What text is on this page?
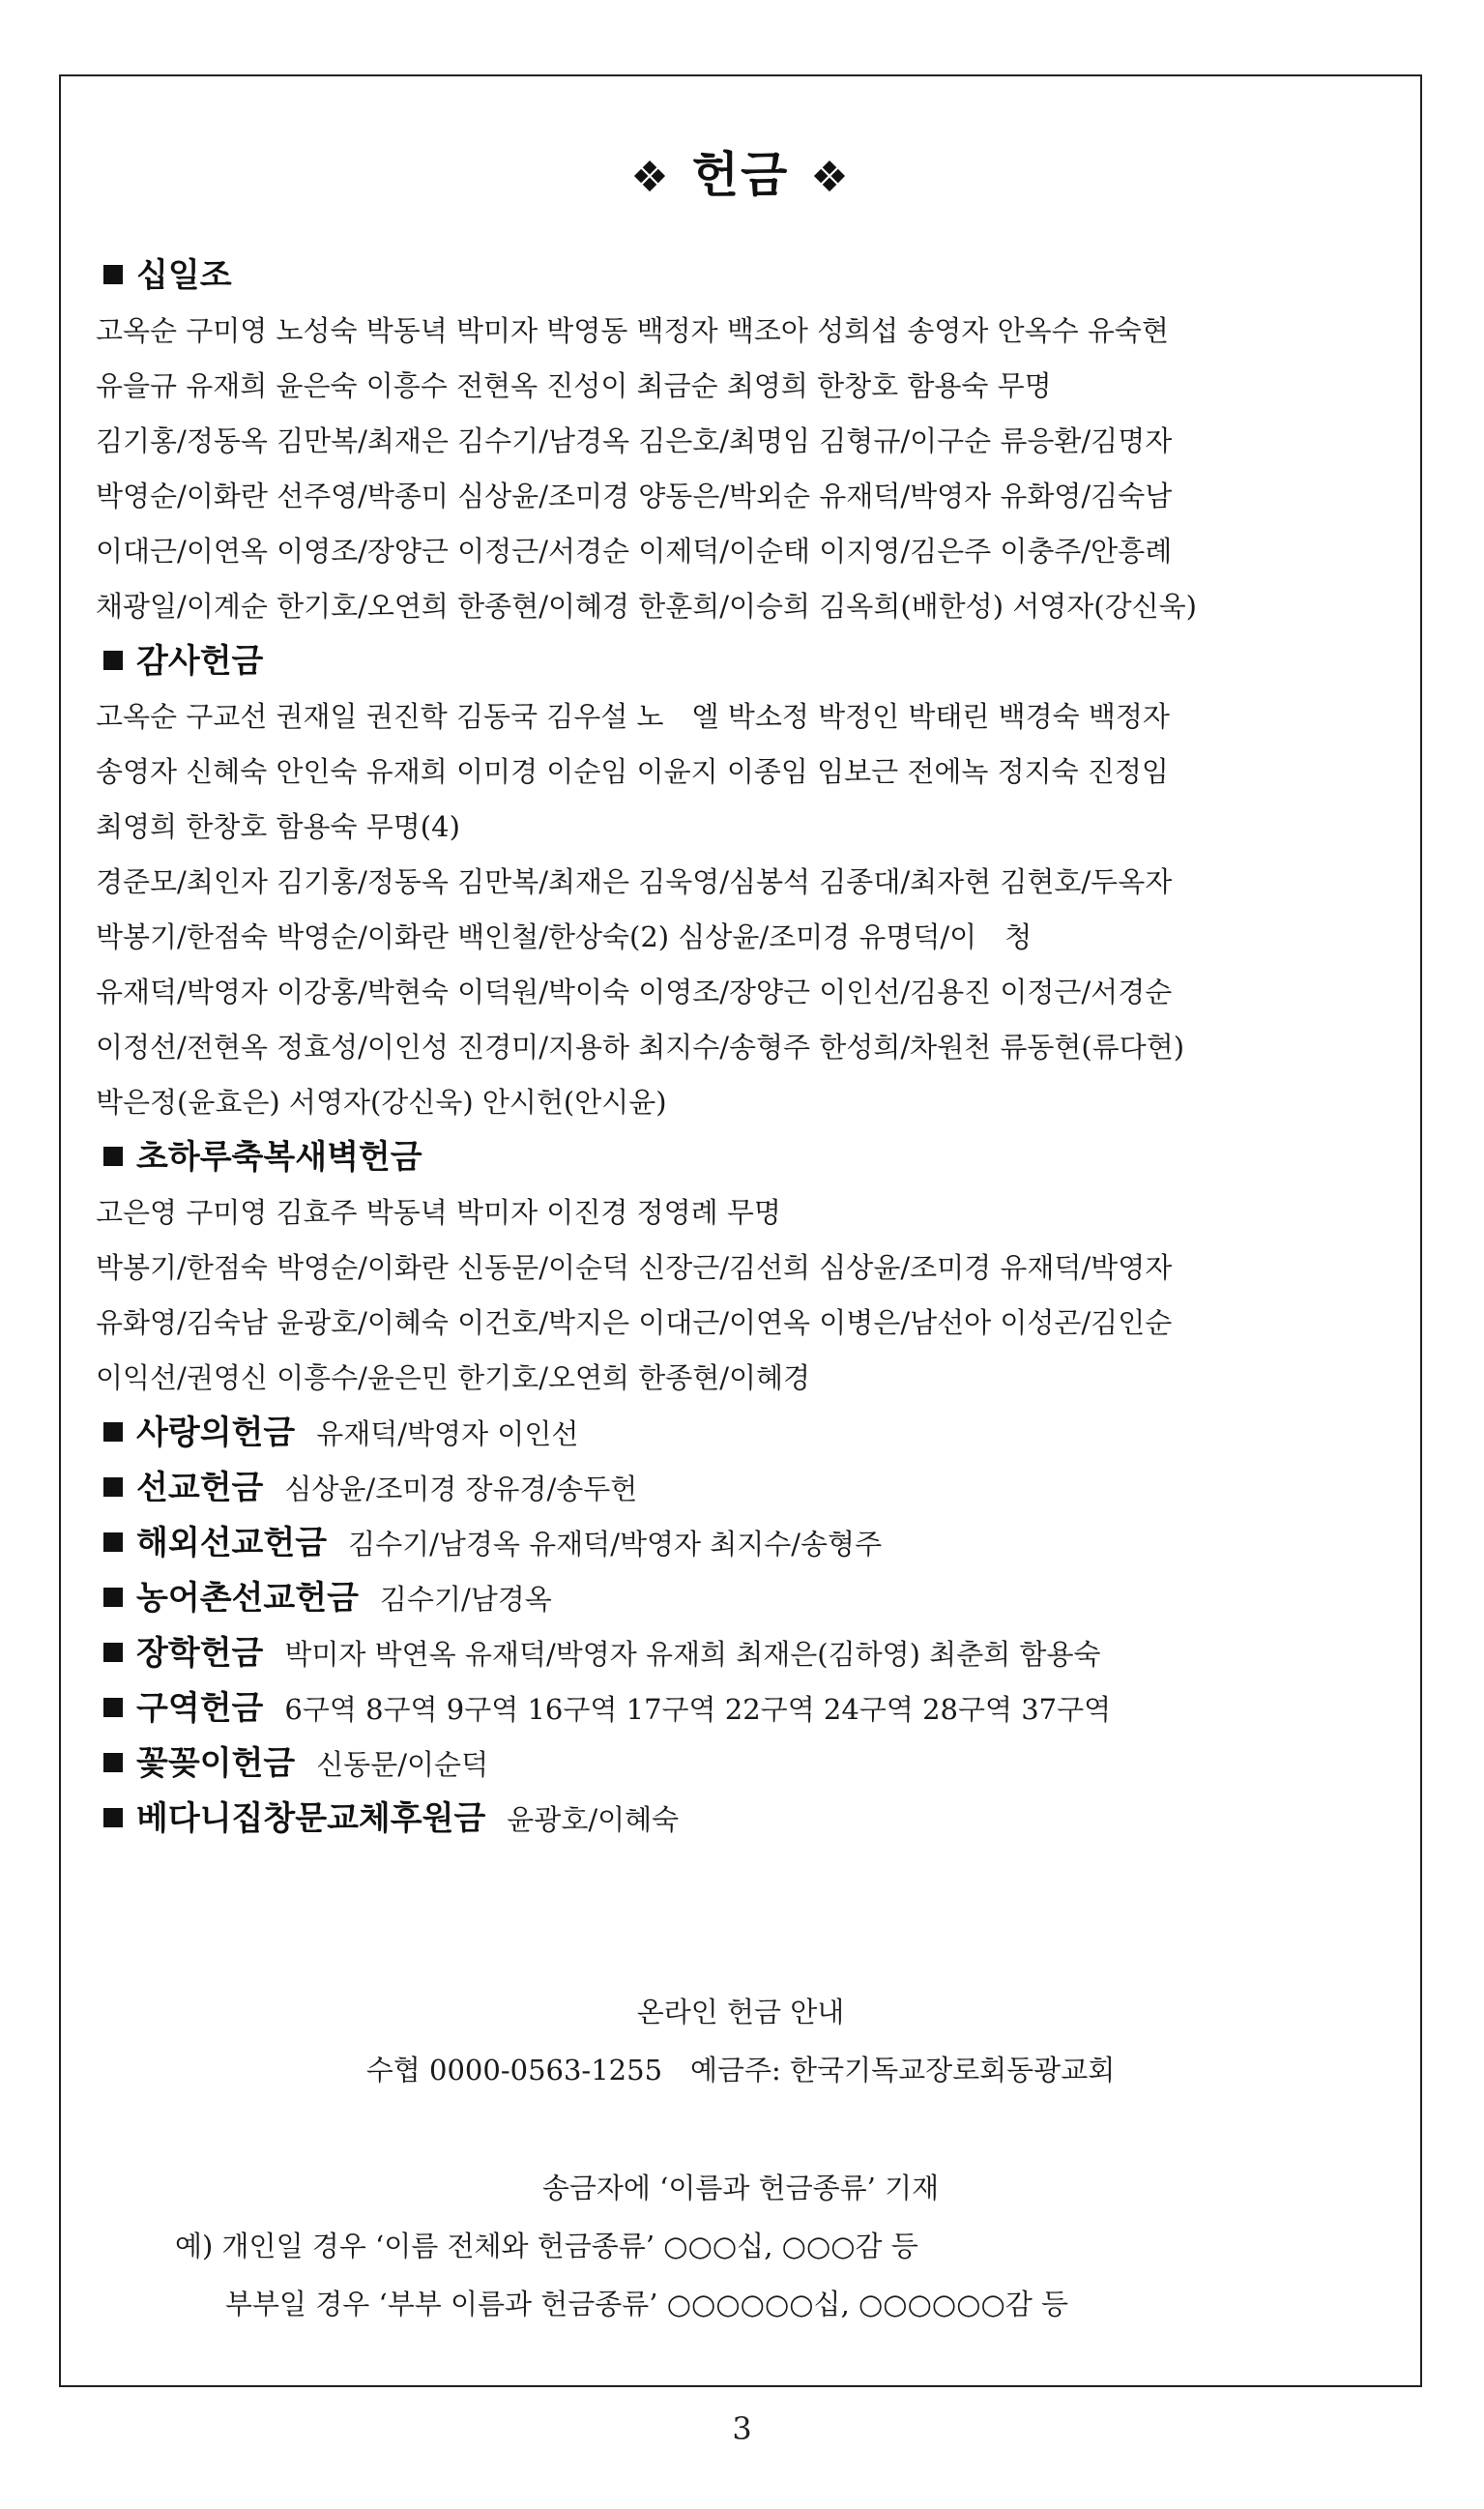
❖ 헌금 ❖
십일조
고옥순 구미영 노성숙 박동녁 박미자 박영동 백정자 백조아 성희섭 송영자 안옥수 유숙현
유을규 유재희 윤은숙 이흥수 전현옥 진성이 최금순 최영희 한창호 함용숙 무명
김기홍/정동옥 김만복/최재은 김수기/남경옥 김은호/최명임 김형규/이구순 류응환/김명자
박영순/이화란 선주영/박종미 심상윤/조미경 양동은/박외순 유재덕/박영자 유화영/김숙남
이대근/이연옥 이영조/장양근 이정근/서경순 이제덕/이순태 이지영/김은주 이충주/안흥례
채광일/이계순 한기호/오연희 한종현/이혜경 한훈희/이승희 김옥희(배한성) 서영자(강신욱)
감사헌금
고옥순 구교선 권재일 권진학 김동국 김우설 노　엘 박소정 박정인 박태린 백경숙 백정자
송영자 신혜숙 안인숙 유재희 이미경 이순임 이윤지 이종임 임보근 전에녹 정지숙 진정임
최영희 한창호 함용숙 무명(4)
경준모/최인자 김기홍/정동옥 김만복/최재은 김욱영/심봉석 김종대/최자현 김현호/두옥자
박봉기/한점숙 박영순/이화란 백인철/한상숙(2) 심상윤/조미경 유명덕/이　청
유재덕/박영자 이강홍/박현숙 이덕원/박이숙 이영조/장양근 이인선/김용진 이정근/서경순
이정선/전현옥 정효성/이인성 진경미/지용하 최지수/송형주 한성희/차원천 류동현(류다현)
박은정(윤효은) 서영자(강신욱) 안시헌(안시윤)
초하루축복새벽헌금
고은영 구미영 김효주 박동녁 박미자 이진경 정영례 무명
박봉기/한점숙 박영순/이화란 신동문/이순덕 신장근/김선희 심상윤/조미경 유재덕/박영자
유화영/김숙남 윤광호/이혜숙 이건호/박지은 이대근/이연옥 이병은/남선아 이성곤/김인순
이익선/권영신 이흥수/윤은민 한기호/오연희 한종현/이혜경
사랑의헌금 유재덕/박영자 이인선
선교헌금 심상윤/조미경 장유경/송두헌
해외선교헌금 김수기/남경옥 유재덕/박영자 최지수/송형주
농어촌선교헌금 김수기/남경옥
장학헌금 박미자 박연옥 유재덕/박영자 유재희 최재은(김하영) 최춘희 함용숙
구역헌금 6구역 8구역 9구역 16구역 17구역 22구역 24구역 28구역 37구역
꽃꽂이헌금 신동문/이순덕
베다니집창문교체후원금 윤광호/이혜숙
온라인 헌금 안내
수협 0000-0563-1255　예금주: 한국기독교장로회동광교회
송금자에 ‘이름과 헌금종류’ 기재
예) 개인일 경우 ‘이름 전체와 헌금종류’ ○○○십, ○○○감 등
부부일 경우 ‘부부 이름과 헌금종류’ ○○○○○○십, ○○○○○○감 등
3
